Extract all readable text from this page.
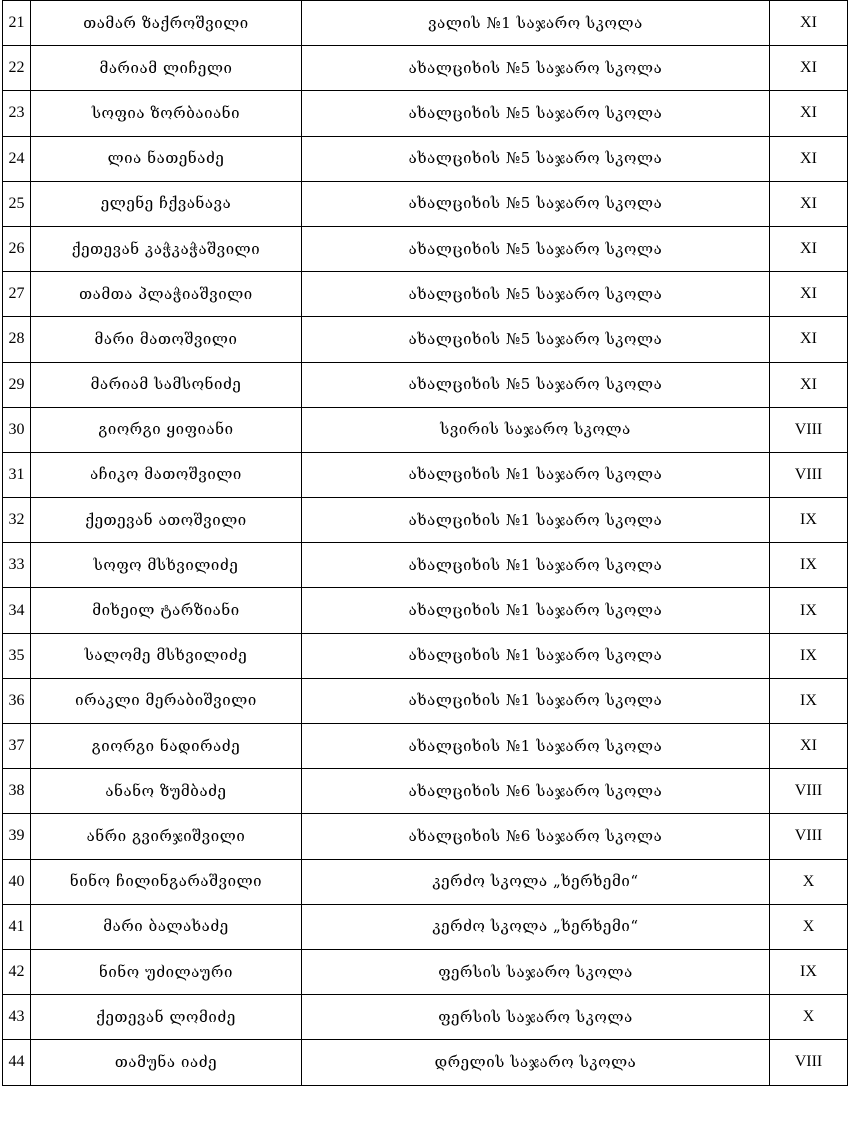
21	თამარ ზაქროშვილი	ვალის №1 საჯარო სკოლა	XI
22	მარიამ ლიჩელი	ახალციხის №5 საჯარო სკოლა	XI
23	სოფია ზორბაიანი	ახალციხის №5 საჯარო სკოლა	XI
24	ლია ნათენაძე	ახალციხის №5 საჯარო სკოლა	XI
25	ელენე ჩქვანავა	ახალციხის №5 საჯარო სკოლა	XI
26	ქეთევან კაჭკაჭაშვილი	ახალციხის №5 საჯარო სკოლა	XI
27	თამთა პლაჭიაშვილი	ახალციხის №5 საჯარო სკოლა	XI
28	მარი მათოშვილი	ახალციხის №5 საჯარო სკოლა	XI
29	მარიამ სამსონიძე	ახალციხის №5 საჯარო სკოლა	XI
30	გიორგი ყიფიანი	სვირის საჯარო სკოლა	VIII
31	აჩიკო მათოშვილი	ახალციხის №1 საჯარო სკოლა	VIII
32	ქეთევან ათოშვილი	ახალციხის №1 საჯარო სკოლა	IX
33	სოფო მსხვილიძე	ახალციხის №1 საჯარო სკოლა	IX
34	მიხეილ ტარზიანი	ახალციხის №1 საჯარო სკოლა	IX
35	სალომე მსხვილიძე	ახალციხის №1 საჯარო სკოლა	IX
36	ირაკლი მერაბიშვილი	ახალციხის №1 საჯარო სკოლა	IX
37	გიორგი ნადირაძე	ახალციხის №1 საჯარო სკოლა	XI
38	ანანო ზუმბაძე	ახალციხის №6 საჯარო სკოლა	VIII
39	ანრი გვირჯიშვილი	ახალციხის №6 საჯარო სკოლა	VIII
40	ნინო ჩილინგარაშვილი	კერძო სკოლა „ხერხემი“	X
41	მარი ბალახაძე	კერძო სკოლა „ხერხემი“	X
42	ნინო უძილაური	ფერსის საჯარო სკოლა	IX
43	ქეთევან ლომიძე	ფერსის საჯარო სკოლა	X
44	თამუნა იაძე	დრელის საჯარო სკოლა	VIII
